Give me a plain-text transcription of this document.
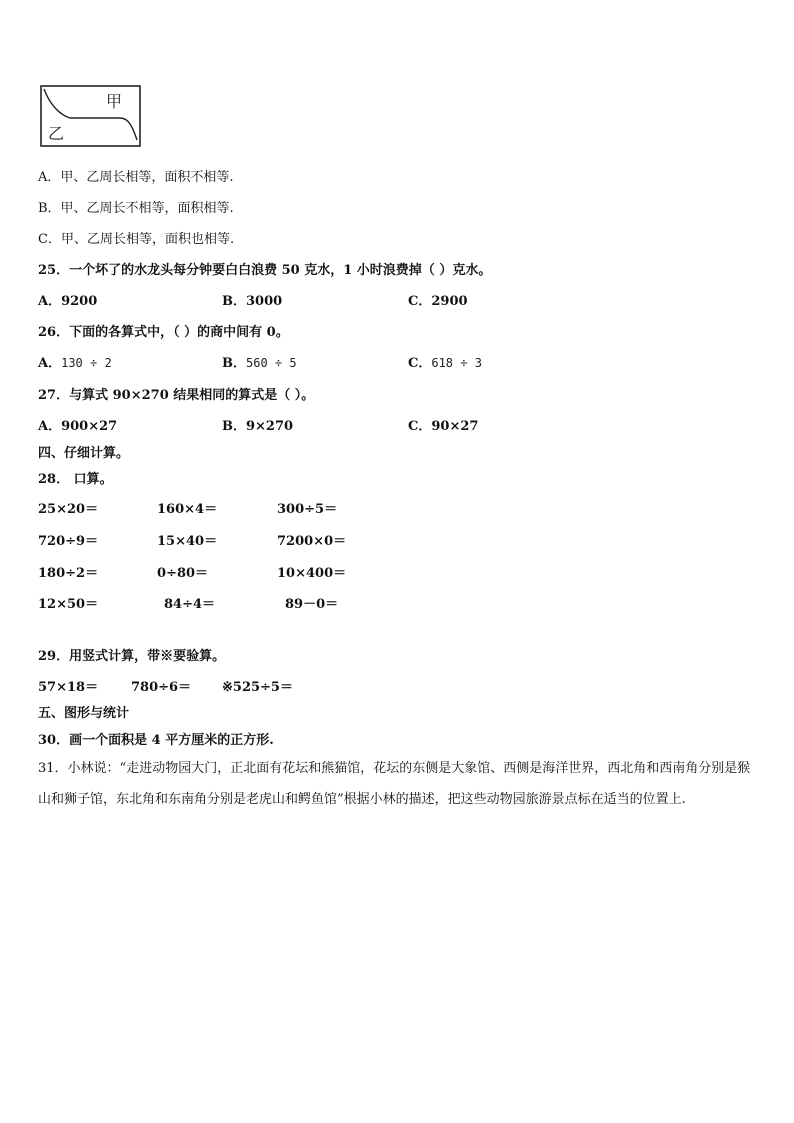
甲
乙
A．甲、乙周长相等，面积不相等.
B．甲、乙周长不相等，面积相等.
C．甲、乙周长相等，面积也相等.
25．一个坏了的水龙头每分钟要白白浪费 50 克水，1 小时浪费掉（ ）克水。
A．9200	B．3000	C．2900
26．下面的各算式中，（ ）的商中间有 0。
A．130 ÷ 2	B．560 ÷ 5	C．618 ÷ 3
27．与算式 90×270 结果相同的算式是（ ）。
A．900×27	B．9×270	C．90×27
四、仔细计算。
28． 口算。
25×20＝	160×4＝	300÷5＝
720÷9＝	15×40＝	7200×0＝
180÷2＝	0÷80＝	10×400＝
12×50＝	84÷4＝	89－0＝
29．用竖式计算，带※要验算。
57×18＝	780÷6＝ ※525÷5＝
五、图形与统计
30．画一个面积是 4 平方厘米的正方形.
31．小林说：“走进动物园大门，正北面有花坛和熊猫馆，花坛的东侧是大象馆、西侧是海洋世界，西北角和西南角分别是猴山和狮子馆，东北角和东南角分别是老虎山和鳄鱼馆”根据小林的描述，把这些动物园旅游景点标在适当的位置上.
